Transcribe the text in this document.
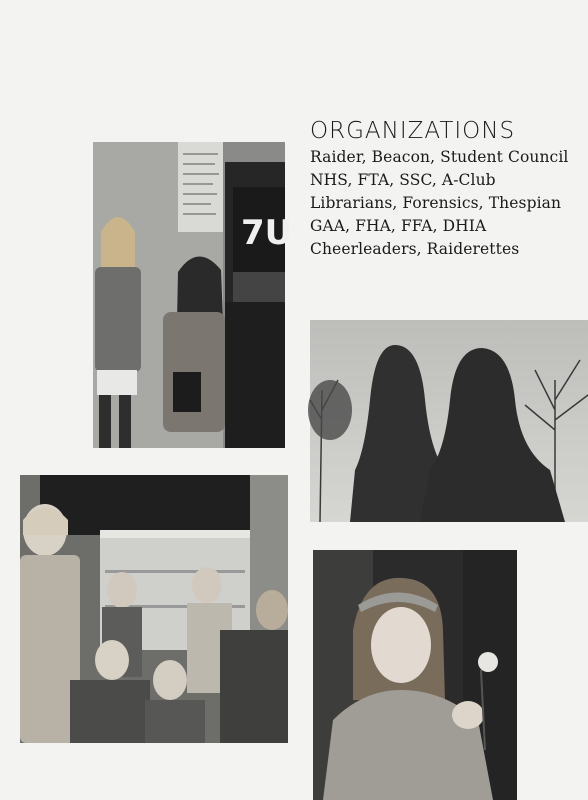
7U
ORGANIZATIONS
Raider, Beacon, Student Council
NHS, FTA, SSC, A-Club
Librarians, Forensics, Thespian
GAA, FHA, FFA, DHIA
Cheerleaders, Raiderettes
